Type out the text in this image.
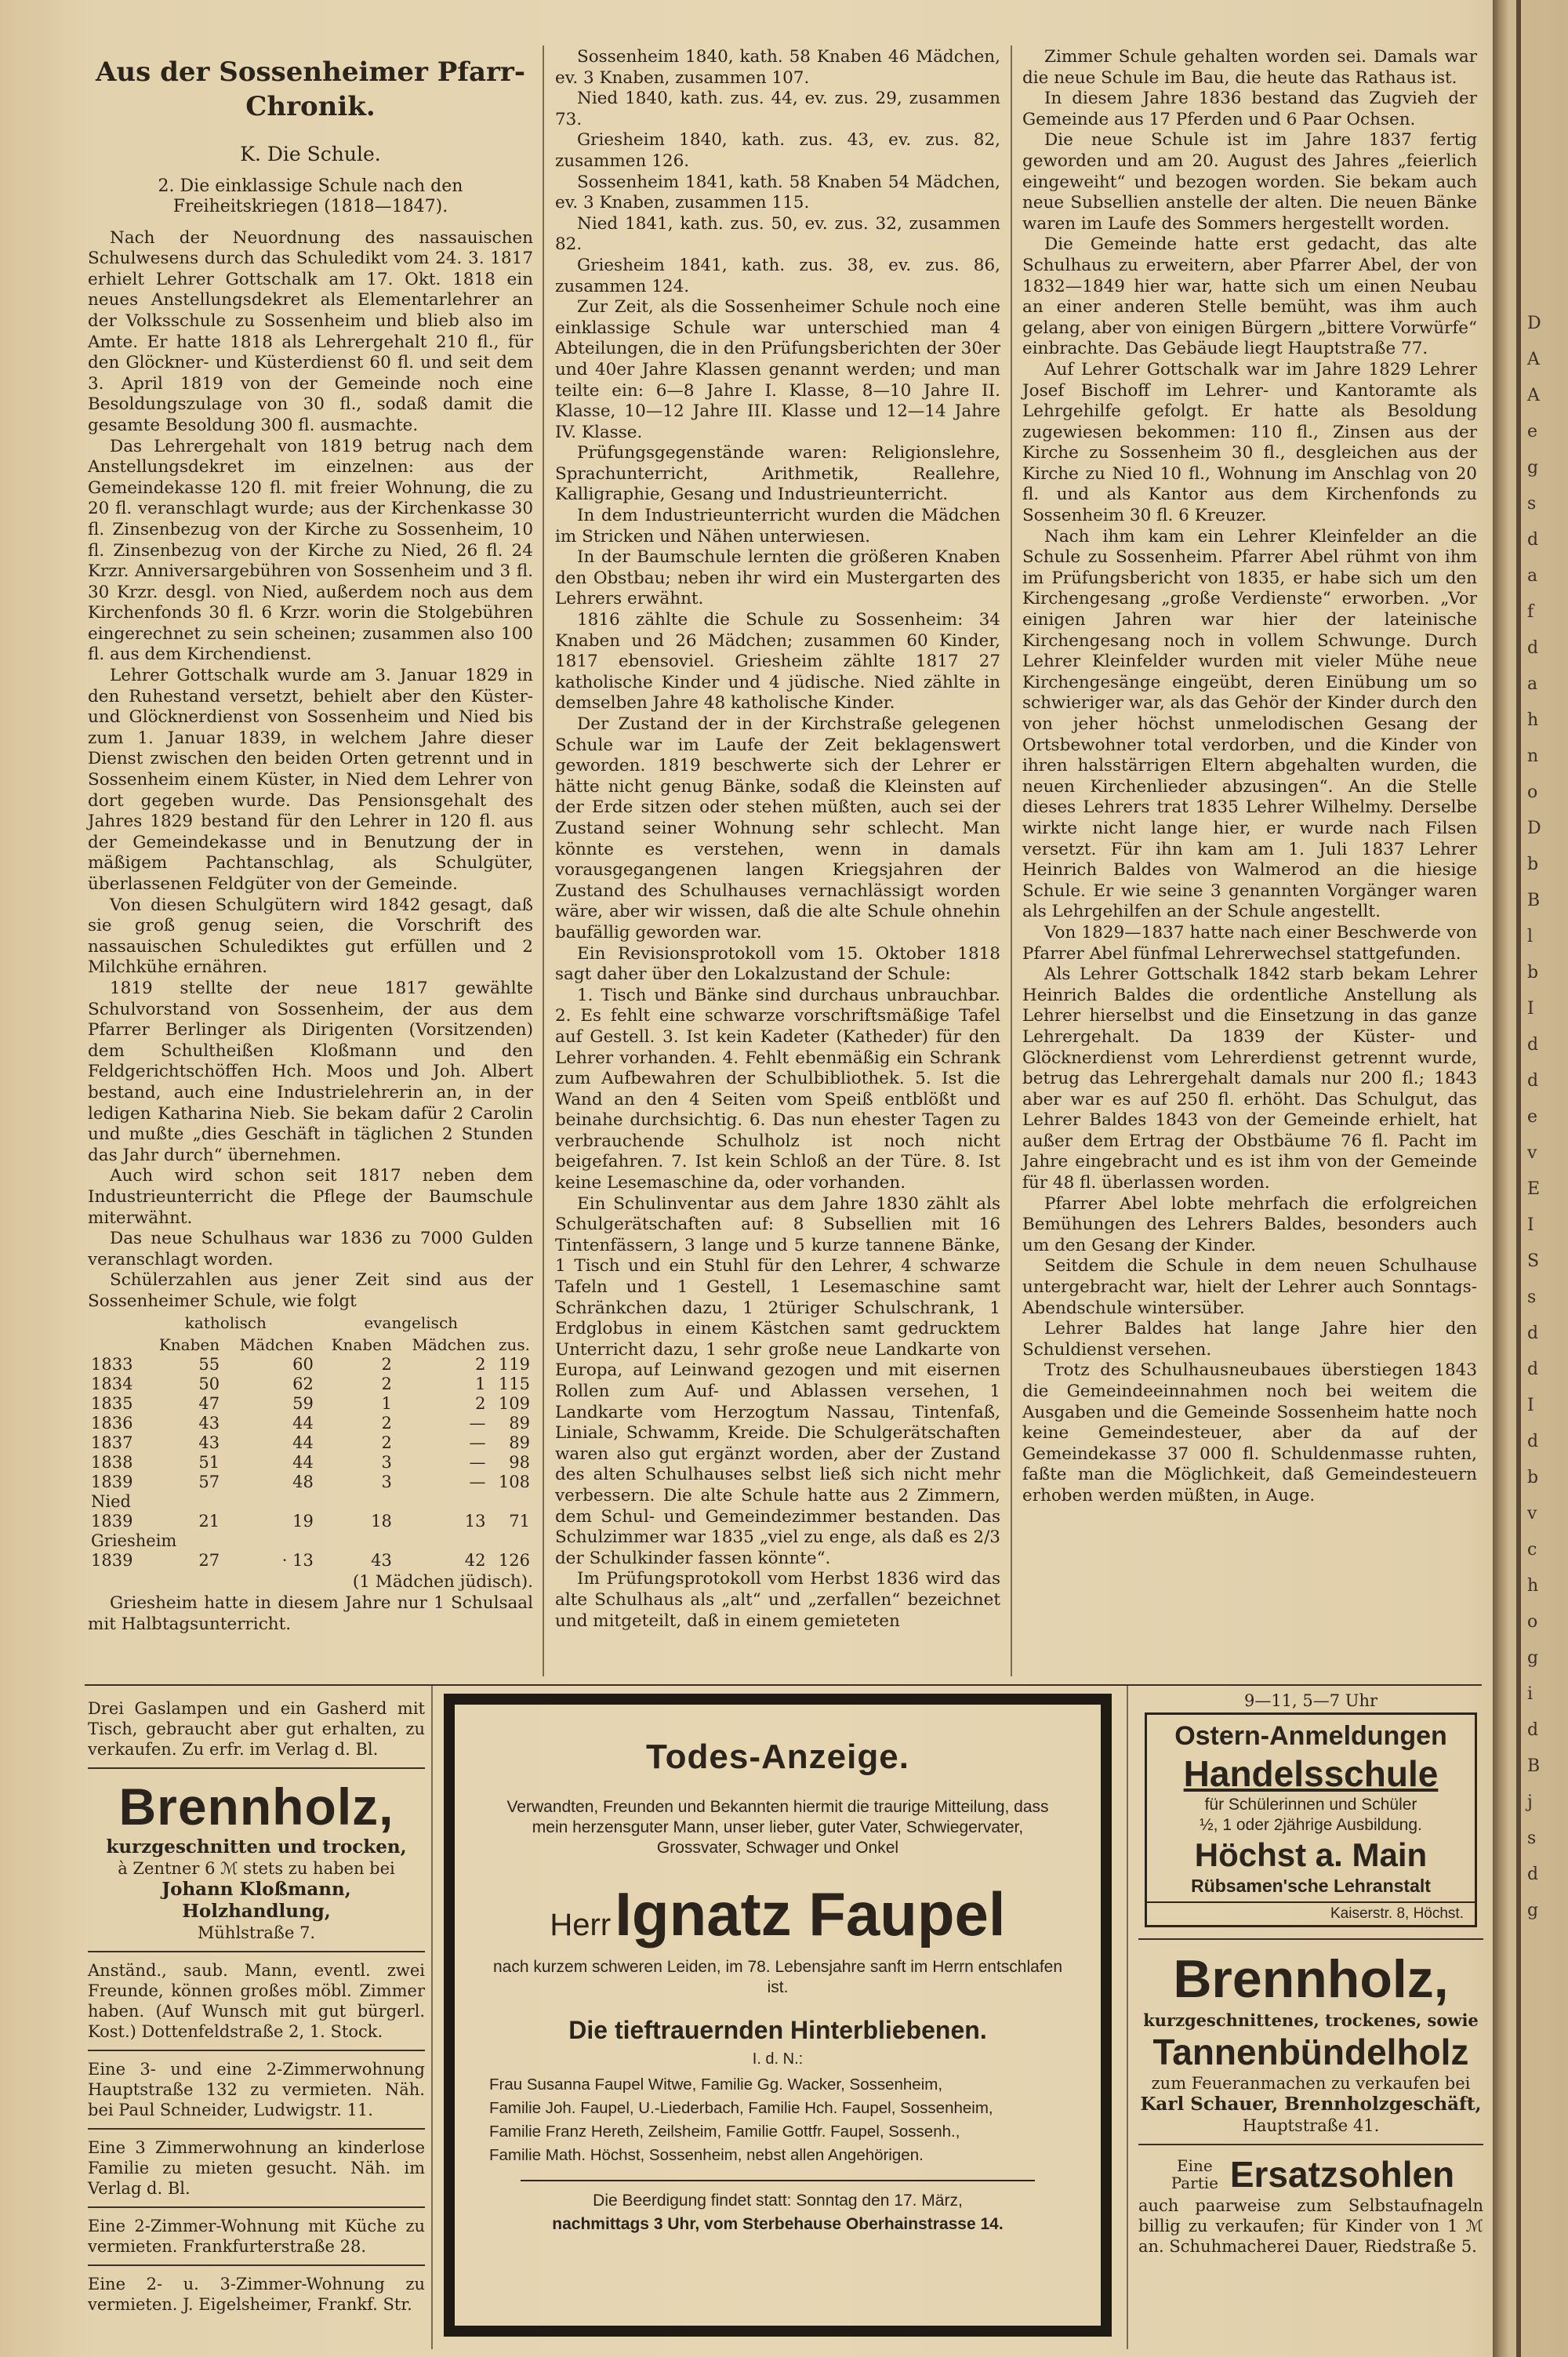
D
A
A
e
g
s
d
a
f
d
a
h
n
o
D
b
B
l
b
I
d
d
e
v
E
I
S
s
d
d
I
d
b
v
c
h
o
g
i
d
B
j
s
d
g
Aus der Sossenheimer Pfarr-Chronik.
K. Die Schule.
2. Die einklassige Schule nach den Freiheitskriegen (1818—1847).

Nach der Neuordnung des nassauischen Schulwesens durch das Schuledikt vom 24. 3. 1817 erhielt Lehrer Gottschalk am 17. Okt. 1818 ein neues Anstellungsdekret als Elementarlehrer an der Volksschule zu Sossenheim und blieb also im Amte. Er hatte 1818 als Lehrergehalt 210 fl., für den Glöckner- und Küsterdienst 60 fl. und seit dem 3. April 1819 von der Gemeinde noch eine Besoldungszulage von 30 fl., sodaß damit die gesamte Besoldung 300 fl. ausmachte.

Das Lehrergehalt von 1819 betrug nach dem Anstellungsdekret im einzelnen: aus der Gemeindekasse 120 fl. mit freier Wohnung, die zu 20 fl. veranschlagt wurde; aus der Kirchenkasse 30 fl. Zinsenbezug von der Kirche zu Sossenheim, 10 fl. Zinsenbezug von der Kirche zu Nied, 26 fl. 24 Krzr. Anniversargebühren von Sossenheim und 3 fl. 30 Krzr. desgl. von Nied, außerdem noch aus dem Kirchenfonds 30 fl. 6 Krzr. worin die Stolgebühren eingerechnet zu sein scheinen; zusammen also 100 fl. aus dem Kirchendienst.

Lehrer Gottschalk wurde am 3. Januar 1829 in den Ruhestand versetzt, behielt aber den Küster- und Glöcknerdienst von Sossenheim und Nied bis zum 1. Januar 1839, in welchem Jahre dieser Dienst zwischen den beiden Orten getrennt und in Sossenheim einem Küster, in Nied dem Lehrer von dort gegeben wurde. Das Pensionsgehalt des Jahres 1829 bestand für den Lehrer in 120 fl. aus der Gemeindekasse und in Benutzung der in mäßigem Pachtanschlag, als Schulgüter, überlassenen Feldgüter von der Gemeinde.

Von diesen Schulgütern wird 1842 gesagt, daß sie groß genug seien, die Vorschrift des nassauischen Schulediktes gut erfüllen und 2 Milchkühe ernähren.

1819 stellte der neue 1817 gewählte Schulvorstand von Sossenheim, der aus dem Pfarrer Berlinger als Dirigenten (Vorsitzenden) dem Schultheißen Kloßmann und den Feldgerichtschöffen Hch. Moos und Joh. Albert bestand, auch eine Industrielehrerin an, in der ledigen Katharina Nieb. Sie bekam dafür 2 Carolin und mußte „dies Geschäft in täglichen 2 Stunden das Jahr durch“ übernehmen.

Auch wird schon seit 1817 neben dem Industrieunterricht die Pflege der Baumschule miterwähnt.

Das neue Schulhaus war 1836 zu 7000 Gulden veranschlagt worden.

Schülerzahlen aus jener Zeit sind aus der Sossenheimer Schule, wie folgt

katholisch	evangelisch
	Knaben	Mädchen	Knaben	Mädchen	zus.
1833	55	60	2	2	119
1834	50	62	2	1	115
1835	47	59	1	2	109
1836	43	44	2	—	89
1837	43	44	2	—	89
1838	51	44	3	—	98
1839	57	48	3	—	108
Nied					
1839	21	19	18	13	71
Griesheim					
1839	27	· 13	43	42	126

(1 Mädchen jüdisch).

Griesheim hatte in diesem Jahre nur 1 Schulsaal mit Halbtagsunterricht.

Sossenheim 1840, kath. 58 Knaben 46 Mädchen, ev. 3 Knaben, zusammen 107.

Nied 1840, kath. zus. 44, ev. zus. 29, zusammen 73.

Griesheim 1840, kath. zus. 43, ev. zus. 82, zusammen 126.

Sossenheim 1841, kath. 58 Knaben 54 Mädchen, ev. 3 Knaben, zusammen 115.

Nied 1841, kath. zus. 50, ev. zus. 32, zusammen 82.

Griesheim 1841, kath. zus. 38, ev. zus. 86, zusammen 124.

Zur Zeit, als die Sossenheimer Schule noch eine einklassige Schule war unterschied man 4 Abteilungen, die in den Prüfungsberichten der 30er und 40er Jahre Klassen genannt werden; und man teilte ein: 6—8 Jahre I. Klasse, 8—10 Jahre II. Klasse, 10—12 Jahre III. Klasse und 12—14 Jahre IV. Klasse.

Prüfungsgegenstände waren: Religionslehre, Sprachunterricht, Arithmetik, Reallehre, Kalligraphie, Gesang und Industrieunterricht.

In dem Industrieunterricht wurden die Mädchen im Stricken und Nähen unterwiesen.

In der Baumschule lernten die größeren Knaben den Obstbau; neben ihr wird ein Mustergarten des Lehrers erwähnt.

1816 zählte die Schule zu Sossenheim: 34 Knaben und 26 Mädchen; zusammen 60 Kinder, 1817 ebensoviel. Griesheim zählte 1817 27 katholische Kinder und 4 jüdische. Nied zählte in demselben Jahre 48 katholische Kinder.

Der Zustand der in der Kirchstraße gelegenen Schule war im Laufe der Zeit beklagenswert geworden. 1819 beschwerte sich der Lehrer er hätte nicht genug Bänke, sodaß die Kleinsten auf der Erde sitzen oder stehen müßten, auch sei der Zustand seiner Wohnung sehr schlecht. Man könnte es verstehen, wenn in damals vorausgegangenen langen Kriegsjahren der Zustand des Schulhauses vernachlässigt worden wäre, aber wir wissen, daß die alte Schule ohnehin baufällig geworden war.

Ein Revisionsprotokoll vom 15. Oktober 1818 sagt daher über den Lokalzustand der Schule:

1. Tisch und Bänke sind durchaus unbrauchbar. 2. Es fehlt eine schwarze vorschriftsmäßige Tafel auf Gestell. 3. Ist kein Kadeter (Katheder) für den Lehrer vorhanden. 4. Fehlt ebenmäßig ein Schrank zum Aufbewahren der Schulbibliothek. 5. Ist die Wand an den 4 Seiten vom Speiß entblößt und beinahe durchsichtig. 6. Das nun ehester Tagen zu verbrauchende Schulholz ist noch nicht beigefahren. 7. Ist kein Schloß an der Türe. 8. Ist keine Lesemaschine da, oder vorhanden.

Ein Schulinventar aus dem Jahre 1830 zählt als Schulgerätschaften auf: 8 Subsellien mit 16 Tintenfässern, 3 lange und 5 kurze tannene Bänke, 1 Tisch und ein Stuhl für den Lehrer, 4 schwarze Tafeln und 1 Gestell, 1 Lesemaschine samt Schränkchen dazu, 1 2türiger Schulschrank, 1 Erdglobus in einem Kästchen samt gedrucktem Unterricht dazu, 1 sehr große neue Landkarte von Europa, auf Leinwand gezogen und mit eisernen Rollen zum Auf- und Ablassen versehen, 1 Landkarte vom Herzogtum Nassau, Tintenfaß, Liniale, Schwamm, Kreide. Die Schulgerätschaften waren also gut ergänzt worden, aber der Zustand des alten Schulhauses selbst ließ sich nicht mehr verbessern. Die alte Schule hatte aus 2 Zimmern, dem Schul- und Gemeindezimmer bestanden. Das Schulzimmer war 1835 „viel zu enge, als daß es 2/3 der Schulkinder fassen könnte“.

Im Prüfungsprotokoll vom Herbst 1836 wird das alte Schulhaus als „alt“ und „zerfallen“ bezeichnet und mitgeteilt, daß in einem gemieteten

Zimmer Schule gehalten worden sei. Damals war die neue Schule im Bau, die heute das Rathaus ist.

In diesem Jahre 1836 bestand das Zugvieh der Gemeinde aus 17 Pferden und 6 Paar Ochsen.

Die neue Schule ist im Jahre 1837 fertig geworden und am 20. August des Jahres „feierlich eingeweiht“ und bezogen worden. Sie bekam auch neue Subsellien anstelle der alten. Die neuen Bänke waren im Laufe des Sommers hergestellt worden.

Die Gemeinde hatte erst gedacht, das alte Schulhaus zu erweitern, aber Pfarrer Abel, der von 1832—1849 hier war, hatte sich um einen Neubau an einer anderen Stelle bemüht, was ihm auch gelang, aber von einigen Bürgern „bittere Vorwürfe“ einbrachte. Das Gebäude liegt Hauptstraße 77.

Auf Lehrer Gottschalk war im Jahre 1829 Lehrer Josef Bischoff im Lehrer- und Kantoramte als Lehrgehilfe gefolgt. Er hatte als Besoldung zugewiesen bekommen: 110 fl., Zinsen aus der Kirche zu Sossenheim 30 fl., desgleichen aus der Kirche zu Nied 10 fl., Wohnung im Anschlag von 20 fl. und als Kantor aus dem Kirchenfonds zu Sossenheim 30 fl. 6 Kreuzer.

Nach ihm kam ein Lehrer Kleinfelder an die Schule zu Sossenheim. Pfarrer Abel rühmt von ihm im Prüfungsbericht von 1835, er habe sich um den Kirchengesang „große Verdienste“ erworben. „Vor einigen Jahren war hier der lateinische Kirchengesang noch in vollem Schwunge. Durch Lehrer Kleinfelder wurden mit vieler Mühe neue Kirchengesänge eingeübt, deren Einübung um so schwieriger war, als das Gehör der Kinder durch den von jeher höchst unmelodischen Gesang der Ortsbewohner total verdorben, und die Kinder von ihren halsstärrigen Eltern abgehalten wurden, die neuen Kirchenlieder abzusingen“. An die Stelle dieses Lehrers trat 1835 Lehrer Wilhelmy. Derselbe wirkte nicht lange hier, er wurde nach Filsen versetzt. Für ihn kam am 1. Juli 1837 Lehrer Heinrich Baldes von Walmerod an die hiesige Schule. Er wie seine 3 genannten Vorgänger waren als Lehrgehilfen an der Schule angestellt.

Von 1829—1837 hatte nach einer Beschwerde von Pfarrer Abel fünfmal Lehrerwechsel stattgefunden.

Als Lehrer Gottschalk 1842 starb bekam Lehrer Heinrich Baldes die ordentliche Anstellung als Lehrer hierselbst und die Einsetzung in das ganze Lehrergehalt. Da 1839 der Küster- und Glöcknerdienst vom Lehrerdienst getrennt wurde, betrug das Lehrergehalt damals nur 200 fl.; 1843 aber war es auf 250 fl. erhöht. Das Schulgut, das Lehrer Baldes 1843 von der Gemeinde erhielt, hat außer dem Ertrag der Obstbäume 76 fl. Pacht im Jahre eingebracht und es ist ihm von der Gemeinde für 48 fl. überlassen worden.

Pfarrer Abel lobte mehrfach die erfolgreichen Bemühungen des Lehrers Baldes, besonders auch um den Gesang der Kinder.

Seitdem die Schule in dem neuen Schulhause untergebracht war, hielt der Lehrer auch Sonntags-Abendschule wintersüber.

Lehrer Baldes hat lange Jahre hier den Schuldienst versehen.

Trotz des Schulhausneubaues überstiegen 1843 die Gemeindeeinnahmen noch bei weitem die Ausgaben und die Gemeinde Sossenheim hatte noch keine Gemeindesteuer, aber da auf der Gemeindekasse 37 000 fl. Schuldenmasse ruhten, faßte man die Möglichkeit, daß Gemeindesteuern erhoben werden müßten, in Auge.

Drei Gaslampen und ein Gasherd mit Tisch, gebraucht aber gut erhalten, zu verkaufen. Zu erfr. im Verlag d. Bl.
Brennholz,
kurzgeschnitten und trocken,
à Zentner 6 ℳ stets zu haben bei
Johann Kloßmann, Holzhandlung,
Mühlstraße 7.
Anständ., saub. Mann, eventl. zwei Freunde, können großes möbl. Zimmer haben. (Auf Wunsch mit gut bürgerl. Kost.) Dottenfeldstraße 2, 1. Stock.
Eine 3- und eine 2-Zimmerwohnung Hauptstraße 132 zu vermieten. Näh. bei Paul Schneider, Ludwigstr. 11.
Eine 3 Zimmerwohnung an kinderlose Familie zu mieten gesucht. Näh. im Verlag d. Bl.
Eine 2-Zimmer-Wohnung mit Küche zu vermieten. Frankfurterstraße 28.
Eine 2- u. 3-Zimmer-Wohnung zu vermieten. J. Eigelsheimer, Frankf. Str.
Todes-Anzeige.
Verwandten, Freunden und Bekannten hiermit die traurige Mitteilung, dass mein herzensguter Mann, unser lieber, guter Vater, Schwiegervater, Grossvater, Schwager und Onkel
Herr Ignatz Faupel
nach kurzem schweren Leiden, im 78. Lebensjahre sanft im Herrn entschlafen ist.
Die tieftrauernden Hinterbliebenen.
I. d. N.:
Frau Susanna Faupel Witwe, Familie Gg. Wacker, Sossenheim,
Familie Joh. Faupel, U.-Liederbach, Familie Hch. Faupel, Sossenheim,
Familie Franz Hereth, Zeilsheim, Familie Gottfr. Faupel, Sossenh.,
Familie Math. Höchst, Sossenheim, nebst allen Angehörigen.
Die Beerdigung findet statt: Sonntag den 17. März,
nachmittags 3 Uhr, vom Sterbehause Oberhainstrasse 14.
9—11, 5—7 Uhr
Ostern-Anmeldungen
Handelsschule
für Schülerinnen und Schüler
½, 1 oder 2jährige Ausbildung.
Höchst a. Main
Rübsamen'sche Lehranstalt
Kaiserstr. 8, Höchst.
Brennholz,
kurzgeschnittenes, trockenes, sowie
Tannenbündelholz
zum Feueranmachen zu verkaufen bei
Karl Schauer, Brennholzgeschäft,
Hauptstraße 41.
Eine Partie Ersatzsohlen
auch paarweise zum Selbstaufnageln billig zu verkaufen; für Kinder von 1 ℳ an. Schuhmacherei Dauer, Riedstraße 5.
